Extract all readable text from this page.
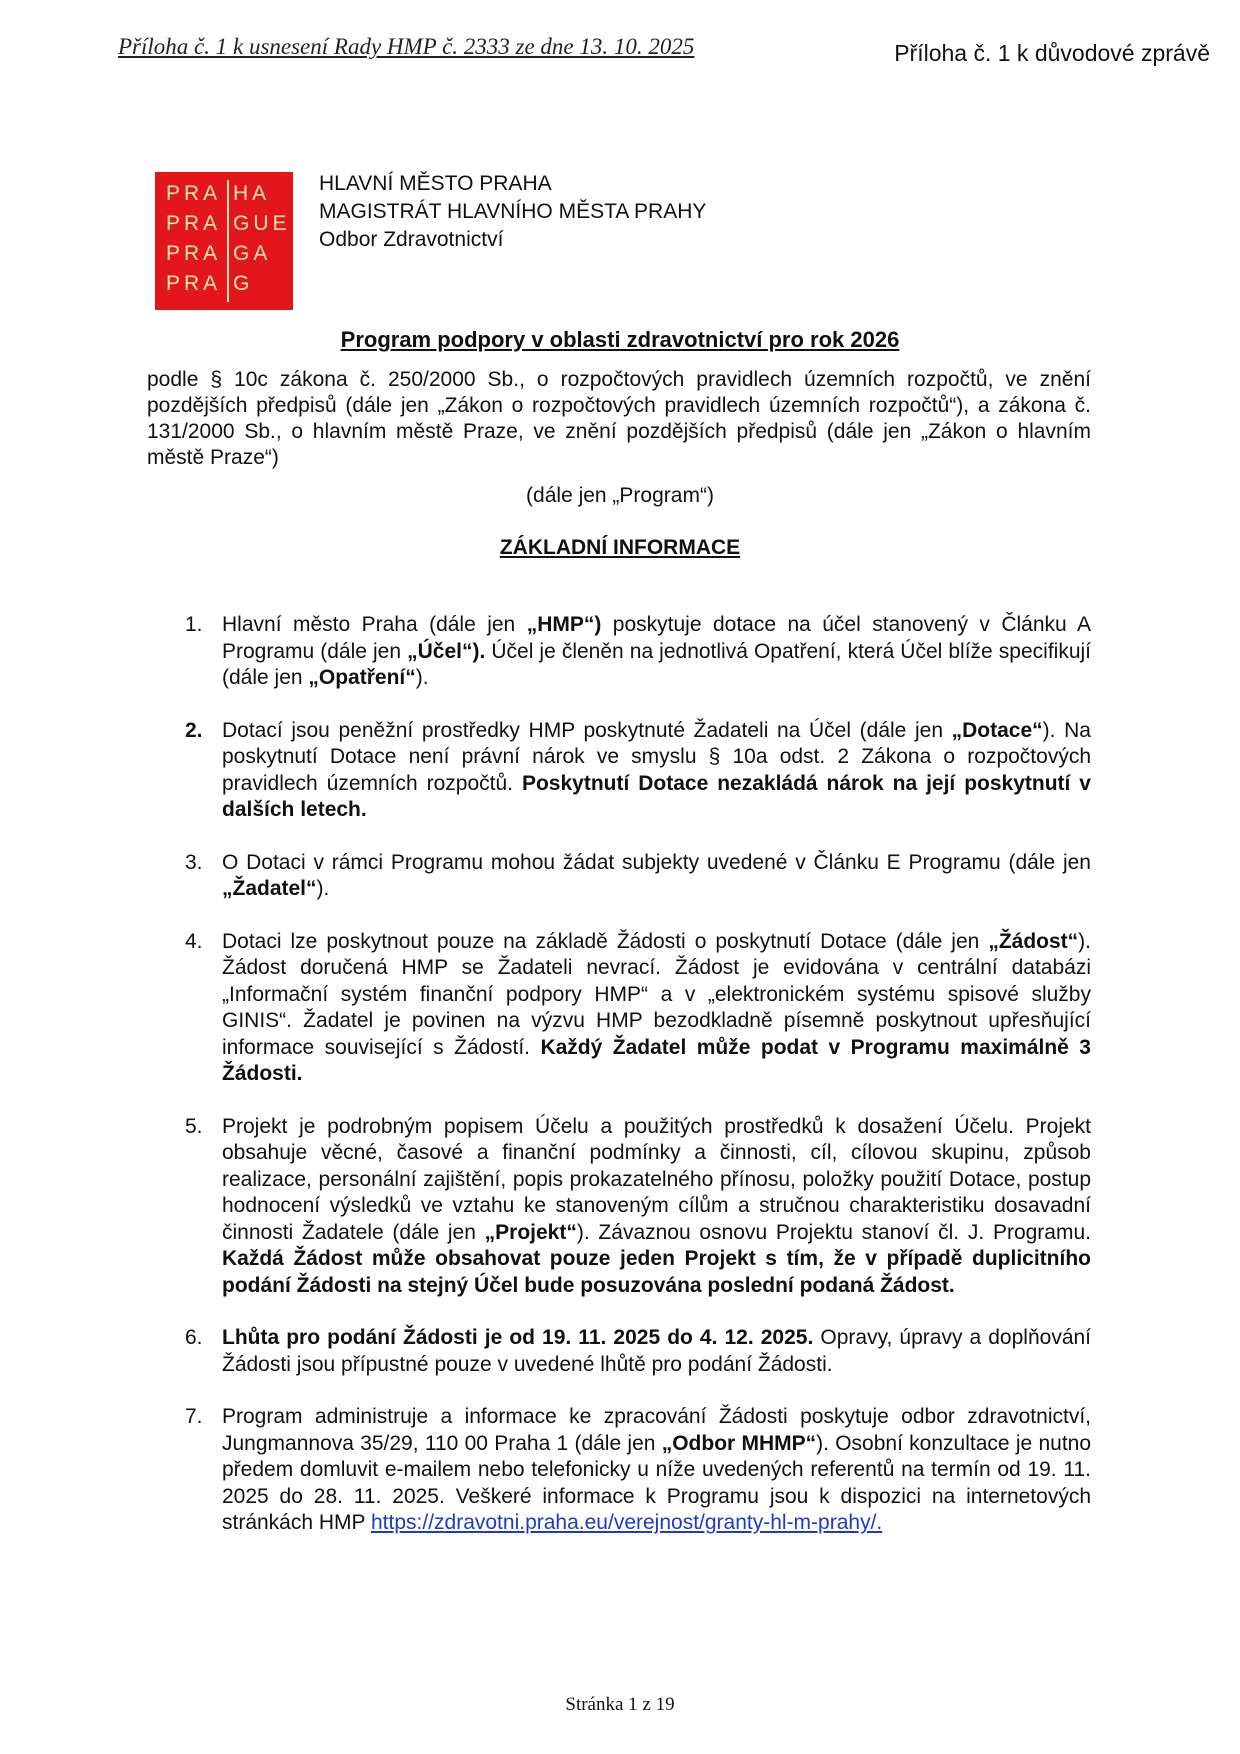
Příloha č. 1 k usnesení Rady HMP č. 2333 ze dne 13. 10. 2025	Příloha č. 1 k důvodové zprávě
PRA HA
PRA GUE
PRA GA
PRA G
HLAVNÍ MĚSTO PRAHA
MAGISTRÁT HLAVNÍHO MĚSTA PRAHY
Odbor Zdravotnictví
Program podpory v oblasti zdravotnictví pro rok 2026
podle § 10c zákona č. 250/2000 Sb., o rozpočtových pravidlech územních rozpočtů, ve znění pozdějších předpisů (dále jen „Zákon o rozpočtových pravidlech územních rozpočtů“), a zákona č. 131/2000 Sb., o hlavním městě Praze, ve znění pozdějších předpisů (dále jen „Zákon o hlavním městě Praze“)
(dále jen „Program“)
ZÁKLADNÍ INFORMACE
1. Hlavní město Praha (dále jen „HMP“) poskytuje dotace na účel stanovený v Článku A Programu (dále jen „Účel“). Účel je členěn na jednotlivá Opatření, která Účel blíže specifikují (dále jen „Opatření“).
2. Dotací jsou peněžní prostředky HMP poskytnuté Žadateli na Účel (dále jen „Dotace“). Na poskytnutí Dotace není právní nárok ve smyslu § 10a odst. 2 Zákona o rozpočtových pravidlech územních rozpočtů. Poskytnutí Dotace nezakládá nárok na její poskytnutí v dalších letech.
3. O Dotaci v rámci Programu mohou žádat subjekty uvedené v Článku E Programu (dále jen „Žadatel“).
4. Dotaci lze poskytnout pouze na základě Žádosti o poskytnutí Dotace (dále jen „Žádost“). Žádost doručená HMP se Žadateli nevrací. Žádost je evidována v centrální databázi „Informační systém finanční podpory HMP“ a v „elektronickém systému spisové služby GINIS“. Žadatel je povinen na výzvu HMP bezodkladně písemně poskytnout upřesňující informace související s Žádostí. Každý Žadatel může podat v Programu maximálně 3 Žádosti.
5. Projekt je podrobným popisem Účelu a použitých prostředků k dosažení Účelu. Projekt obsahuje věcné, časové a finanční podmínky a činnosti, cíl, cílovou skupinu, způsob realizace, personální zajištění, popis prokazatelného přínosu, položky použití Dotace, postup hodnocení výsledků ve vztahu ke stanoveným cílům a stručnou charakteristiku dosavadní činnosti Žadatele (dále jen „Projekt“). Závaznou osnovu Projektu stanoví čl. J. Programu. Každá Žádost může obsahovat pouze jeden Projekt s tím, že v případě duplicitního podání Žádosti na stejný Účel bude posuzována poslední podaná Žádost.
6. Lhůta pro podání Žádosti je od 19. 11. 2025 do 4. 12. 2025. Opravy, úpravy a doplňování Žádosti jsou přípustné pouze v uvedené lhůtě pro podání Žádosti.
7. Program administruje a informace ke zpracování Žádosti poskytuje odbor zdravotnictví, Jungmannova 35/29, 110 00 Praha 1 (dále jen „Odbor MHMP“). Osobní konzultace je nutno předem domluvit e-mailem nebo telefonicky u níže uvedených referentů na termín od 19. 11. 2025 do 28. 11. 2025. Veškeré informace k Programu jsou k dispozici na internetových stránkách HMP https://zdravotni.praha.eu/verejnost/granty-hl-m-prahy/.
Stránka 1 z 19
